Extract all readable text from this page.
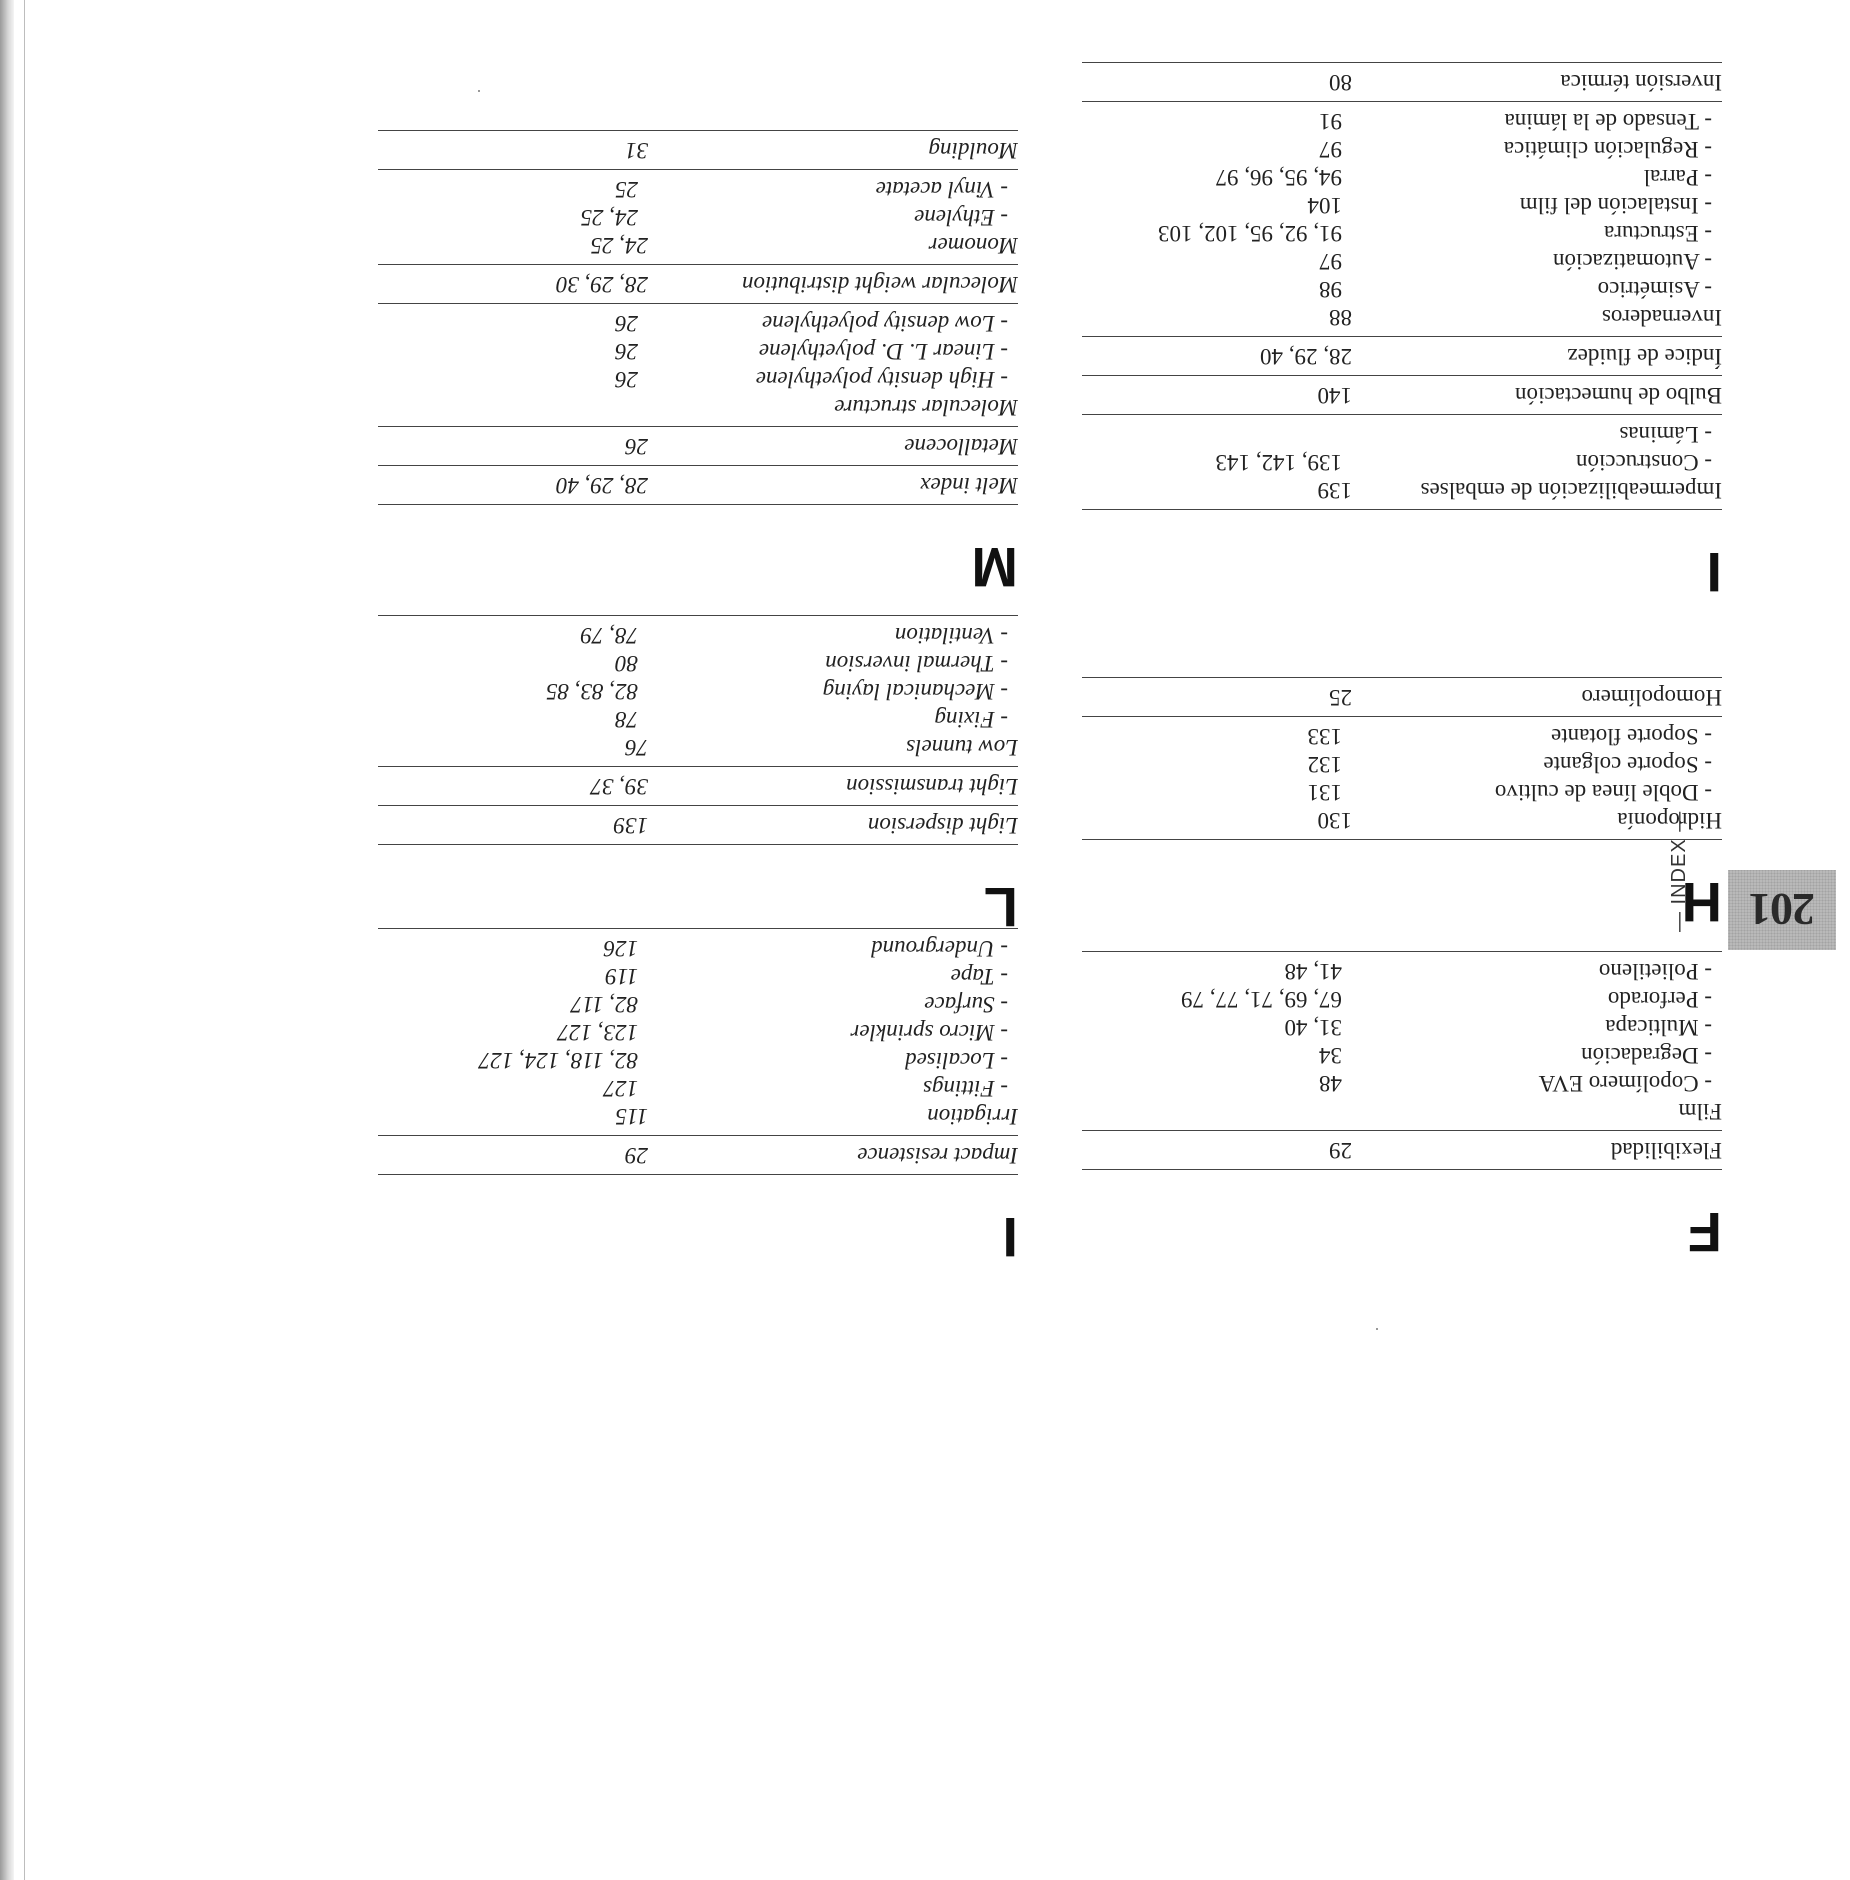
201
— INDEX —
F
Flexibilidad
29
Film
- Copolímero EVA
48
- Degradación
34
- Multicapa
31, 40
- Perforado
67, 69, 71, 77, 79
- Polietileno
41, 48
H
Hidroponía
130
- Doble línea de cultivo
131
- Soporte colgante
132
- Soporte flotante
133
Homopolímero
25
I
Impermeabilización de embalses
139
- Construcción
139, 142, 143
- Láminas
Bulbo de humectación
140
Índice de fluidez
28, 29, 40
Invernaderos
88
- Asimétrico
98
- Automatización
97
- Estructura
91, 92, 95, 102, 103
- Instalación del film
104
- Parral
94, 95, 96, 97
- Regulación climática
97
- Tensado de la lámina
91
Inversión térmica
80
I
Impact resistence
29
Irrigation
115
- Fittings
127
- Localised
82, 118, 124, 127
- Micro sprinkler
123, 127
- Surface
82, 117
- Tape
119
- Underground
126
L
Light dispersion
139
Light transmission
39, 37
Low tunnels
76
- Fixing
78
- Mechanical laying
82, 83, 85
- Thermal inversion
80
- Ventilation
78, 79
M
Melt index
28, 29, 40
Metallocene
26
Molecular structure
- High density polyethylene
26
- Linear L. D. polyethylene
26
- Low density polyethylene
26
Molecular weight distribution
28, 29, 30
Monomer
24, 25
- Ethylene
24, 25
- Vinyl acetate
25
Moulding
31
